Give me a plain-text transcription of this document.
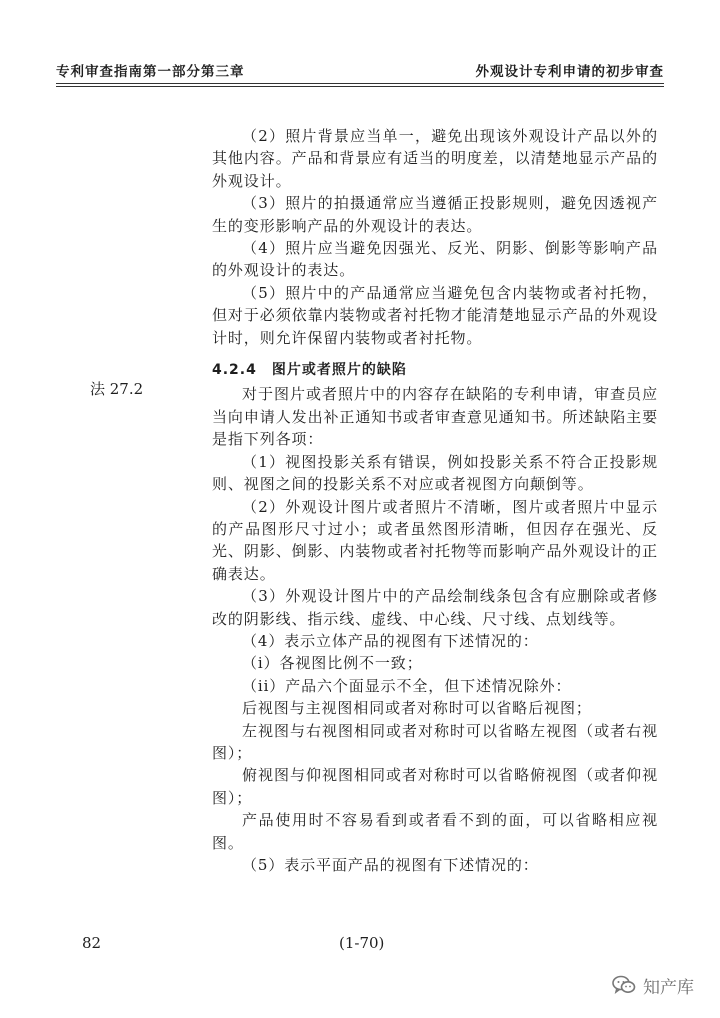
专利审查指南第一部分第三章	外观设计专利申请的初步审查
法 27.2

（2）照片背景应当单一，避免出现该外观设计产品以外的其他内容。产品和背景应有适当的明度差，以清楚地显示产品的外观设计。

（3）照片的拍摄通常应当遵循正投影规则，避免因透视产生的变形影响产品的外观设计的表达。

（4）照片应当避免因强光、反光、阴影、倒影等影响产品的外观设计的表达。

（5）照片中的产品通常应当避免包含内装物或者衬托物，但对于必须依靠内装物或者衬托物才能清楚地显示产品的外观设计时，则允许保留内装物或者衬托物。

4.2.4　图片或者照片的缺陷

对于图片或者照片中的内容存在缺陷的专利申请，审查员应当向申请人发出补正通知书或者审查意见通知书。所述缺陷主要是指下列各项：

（1）视图投影关系有错误，例如投影关系不符合正投影规则、视图之间的投影关系不对应或者视图方向颠倒等。

（2）外观设计图片或者照片不清晰，图片或者照片中显示的产品图形尺寸过小；或者虽然图形清晰，但因存在强光、反光、阴影、倒影、内装物或者衬托物等而影响产品外观设计的正确表达。

（3）外观设计图片中的产品绘制线条包含有应删除或者修改的阴影线、指示线、虚线、中心线、尺寸线、点划线等。

（4）表示立体产品的视图有下述情况的：

（i）各视图比例不一致；

（ii）产品六个面显示不全，但下述情况除外：

后视图与主视图相同或者对称时可以省略后视图；

左视图与右视图相同或者对称时可以省略左视图（或者右视图）；

俯视图与仰视图相同或者对称时可以省略俯视图（或者仰视图）；

产品使用时不容易看到或者看不到的面，可以省略相应视图。

（5）表示平面产品的视图有下述情况的：

82	(1-70)
知产库
